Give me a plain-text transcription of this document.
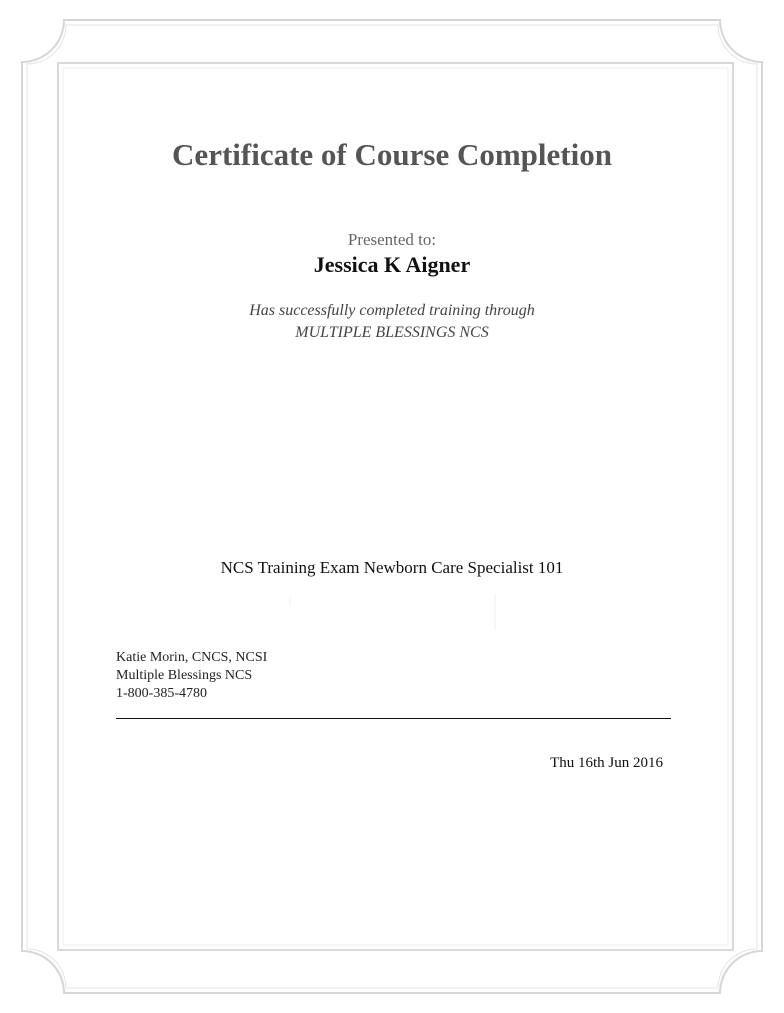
Certificate of Course Completion
Presented to:
Jessica K Aigner
Has successfully completed training through
MULTIPLE BLESSINGS NCS
NCS Training Exam Newborn Care Specialist 101
Katie Morin, CNCS, NCSI
Multiple Blessings NCS
1-800-385-4780
Thu 16th Jun 2016
